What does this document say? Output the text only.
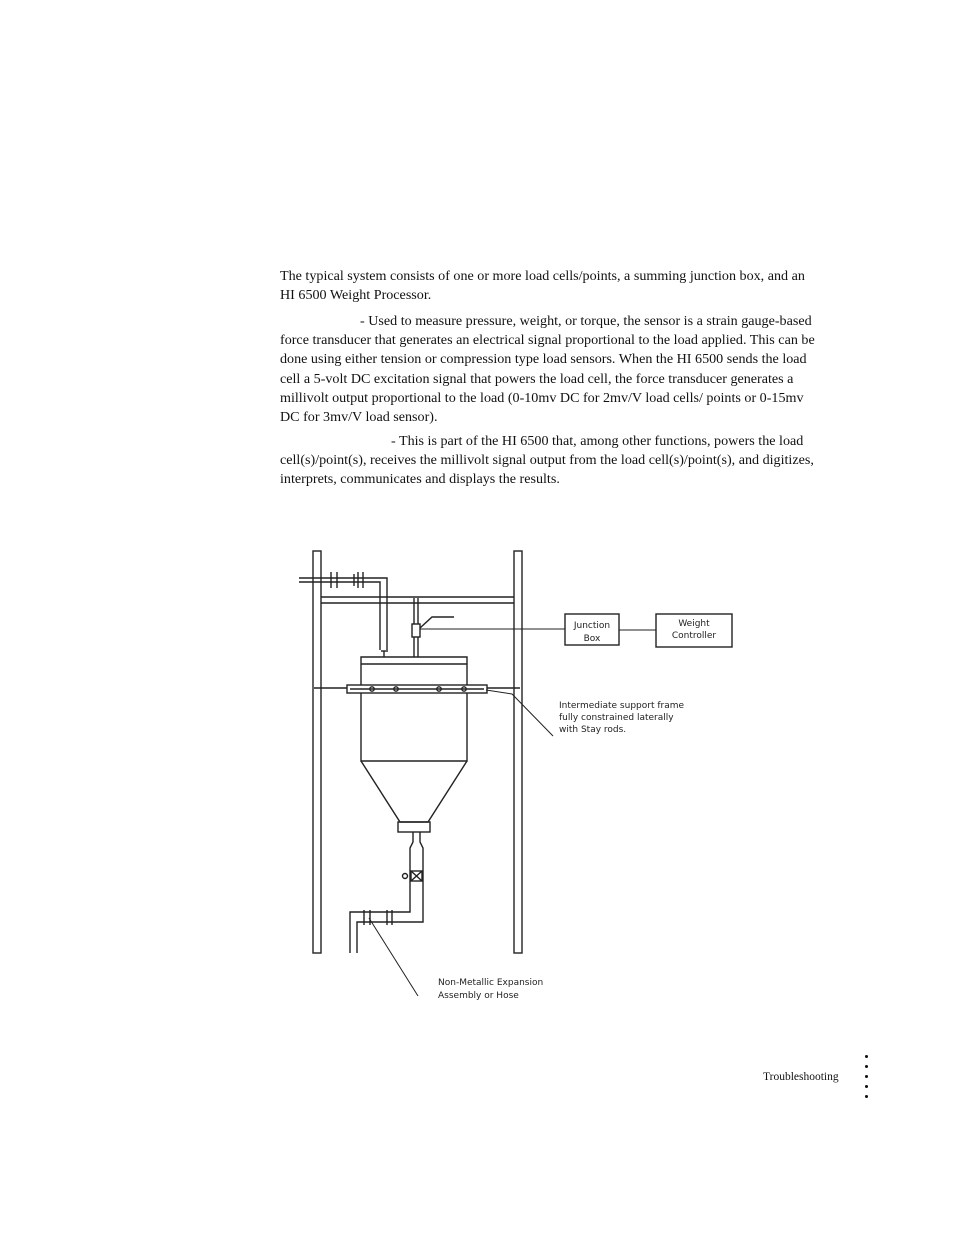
The typical system consists of one or more load cells/points, a summing junction box, and an HI 6500 Weight Processor.

- Used to measure pressure, weight, or torque, the sensor is a strain gauge-based force transducer that generates an electrical signal proportional to the load applied. This can be done using either tension or compression type load sensors. When the HI 6500 sends the load cell a 5-volt DC excitation signal that powers the load cell, the force transducer generates a millivolt output proportional to the load (0-10mv DC for 2mv/V load cells/ points or 0-15mv DC for 3mv/V load sensor).

- This is part of the HI 6500 that, among other functions, powers the load cell(s)/point(s), receives the millivolt signal output from the load cell(s)/point(s), and digitizes, interprets, communicates and displays the results.

Junction
Box
Weight
Controller
Intermediate support frame
fully constrained laterally
with Stay rods.
Non-Metallic Expansion
Assembly or Hose
Troubleshooting
